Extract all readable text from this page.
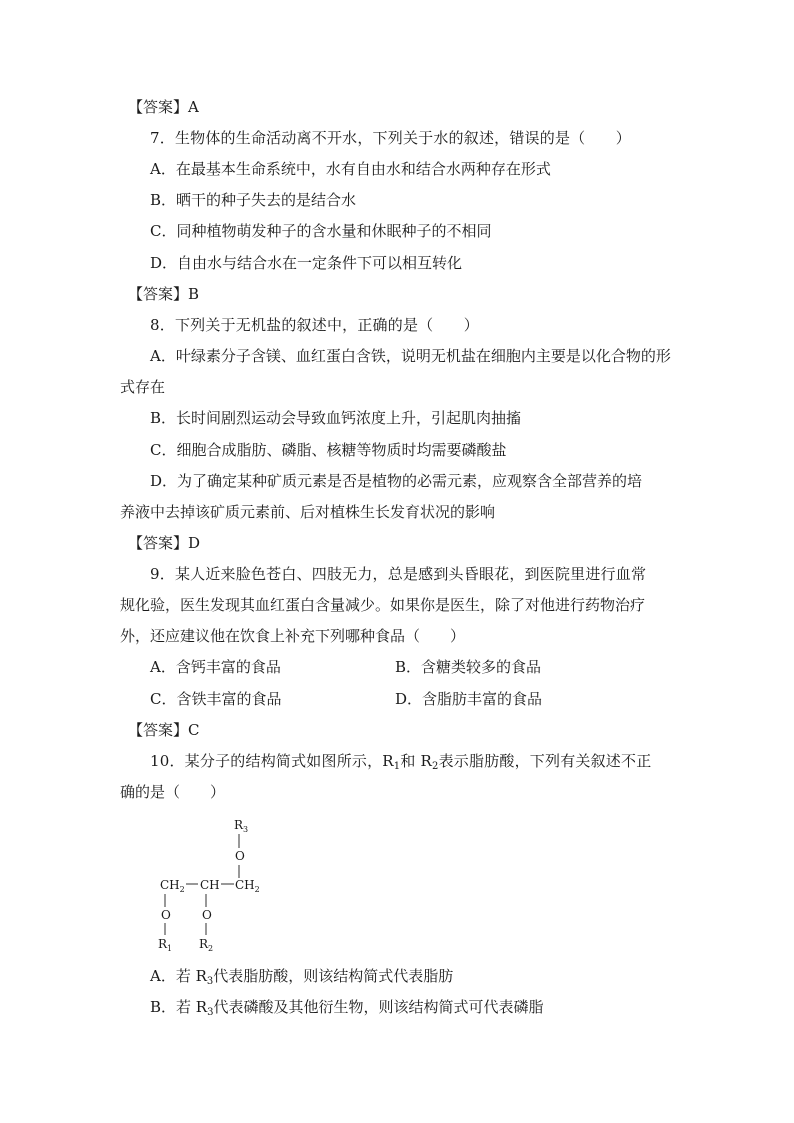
【答案】A
7．生物体的生命活动离不开水，下列关于水的叙述，错误的是（　　）
A．在最基本生命系统中，水有自由水和结合水两种存在形式
B．晒干的种子失去的是结合水
C．同种植物萌发种子的含水量和休眠种子的不相同
D．自由水与结合水在一定条件下可以相互转化
【答案】B
8．下列关于无机盐的叙述中，正确的是（　　）
A．叶绿素分子含镁、血红蛋白含铁，说明无机盐在细胞内主要是以化合物的形
式存在
B．长时间剧烈运动会导致血钙浓度上升，引起肌肉抽搐
C．细胞合成脂肪、磷脂、核糖等物质时均需要磷酸盐
D．为了确定某种矿质元素是否是植物的必需元素，应观察含全部营养的培
养液中去掉该矿质元素前、后对植株生长发育状况的影响
【答案】D
9．某人近来脸色苍白、四肢无力，总是感到头昏眼花，到医院里进行血常
规化验，医生发现其血红蛋白含量减少。如果你是医生，除了对他进行药物治疗
外，还应建议他在饮食上补充下列哪种食品（　　）
A．含钙丰富的食品	B．含糖类较多的食品
C．含铁丰富的食品	D．含脂肪丰富的食品
【答案】C
10．某分子的结构简式如图所示，$R_1$和 $R_2$表示脂肪酸，下列有关叙述不正
确的是（　　）
$R_3$
O
$CH_2$ CH $CH_2$
O
$R_1$
O
$R_2$
A．若 $R_3$代表脂肪酸，则该结构简式代表脂肪
B．若 $R_3$代表磷酸及其他衍生物，则该结构简式可代表磷脂
